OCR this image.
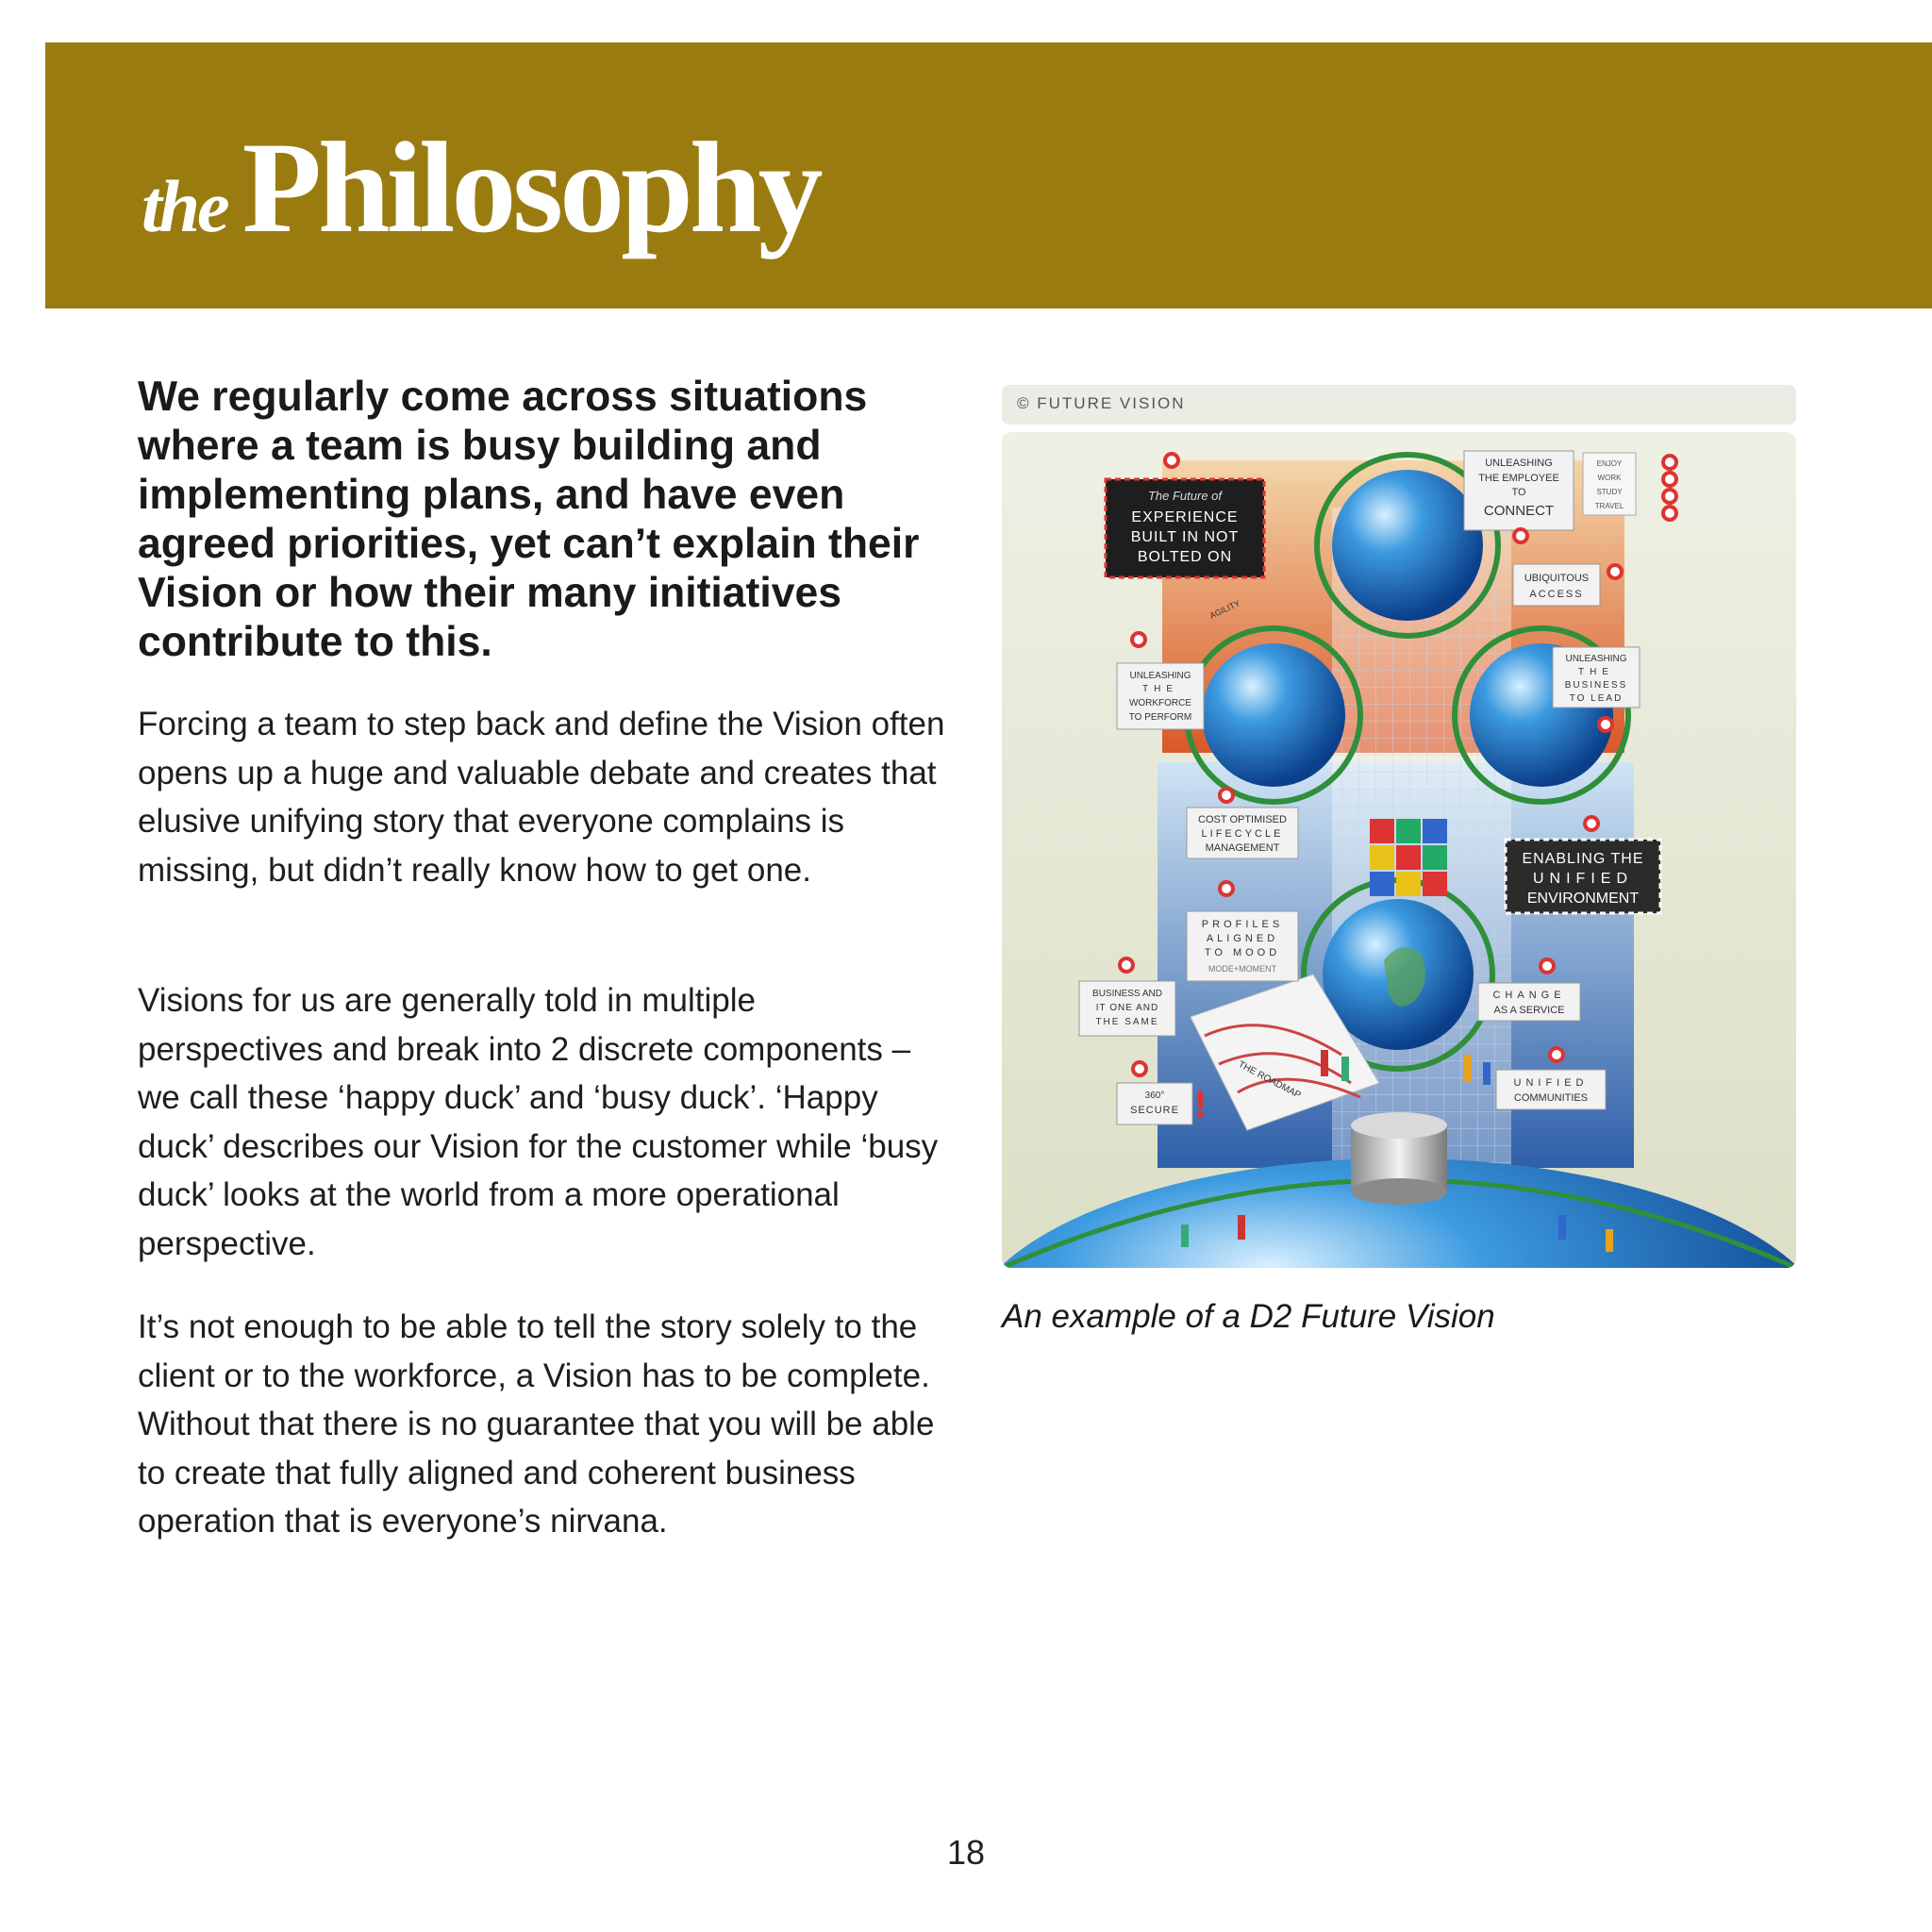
the Philosophy

We regularly come across situations where a team is busy building and implementing plans, and have even agreed priorities, yet can’t explain their Vision or how their many initiatives contribute to this.

Forcing a team to step back and define the Vision often opens up a huge and valuable debate and creates that elusive unifying story that everyone complains is missing, but didn’t really know how to get one.

Visions for us are generally told in multiple perspectives and break into 2 discrete components – we call these ‘happy duck’ and ‘busy duck’. ‘Happy duck’ describes our Vision for the customer while ‘busy duck’ looks at the world from a more operational perspective.

It’s not enough to be able to tell the story solely to the client or to the workforce, a Vision has to be complete. Without that there is no guarantee that you will be able to create that fully aligned and coherent business operation that is everyone’s nirvana.

© FUTURE VISION
The Future of
EXPERIENCE
BUILT IN NOT
BOLTED ON
UNLEASHING
THE EMPLOYEE
TO
CONNECT
ENJOY
WORK
STUDY
TRAVEL
UBIQUITOUS
ACCESS
UNLEASHING
THE
WORKFORCE
TO PERFORM
UNLEASHING
THE
BUSINESS
TO LEAD
COST OPTIMISED
LIFECYCLE
MANAGEMENT
ENABLING THE
UNIFIED
ENVIRONMENT
PROFILES
ALIGNED
TO MOOD
MODE+MOMENT
BUSINESS AND
IT ONE AND
THE SAME
CHANGE
AS A SERVICE
UNIFIED
COMMUNITIES
360°
SECURE !
THE ROADMAP
AGILITY

An example of a D2 Future Vision

18
